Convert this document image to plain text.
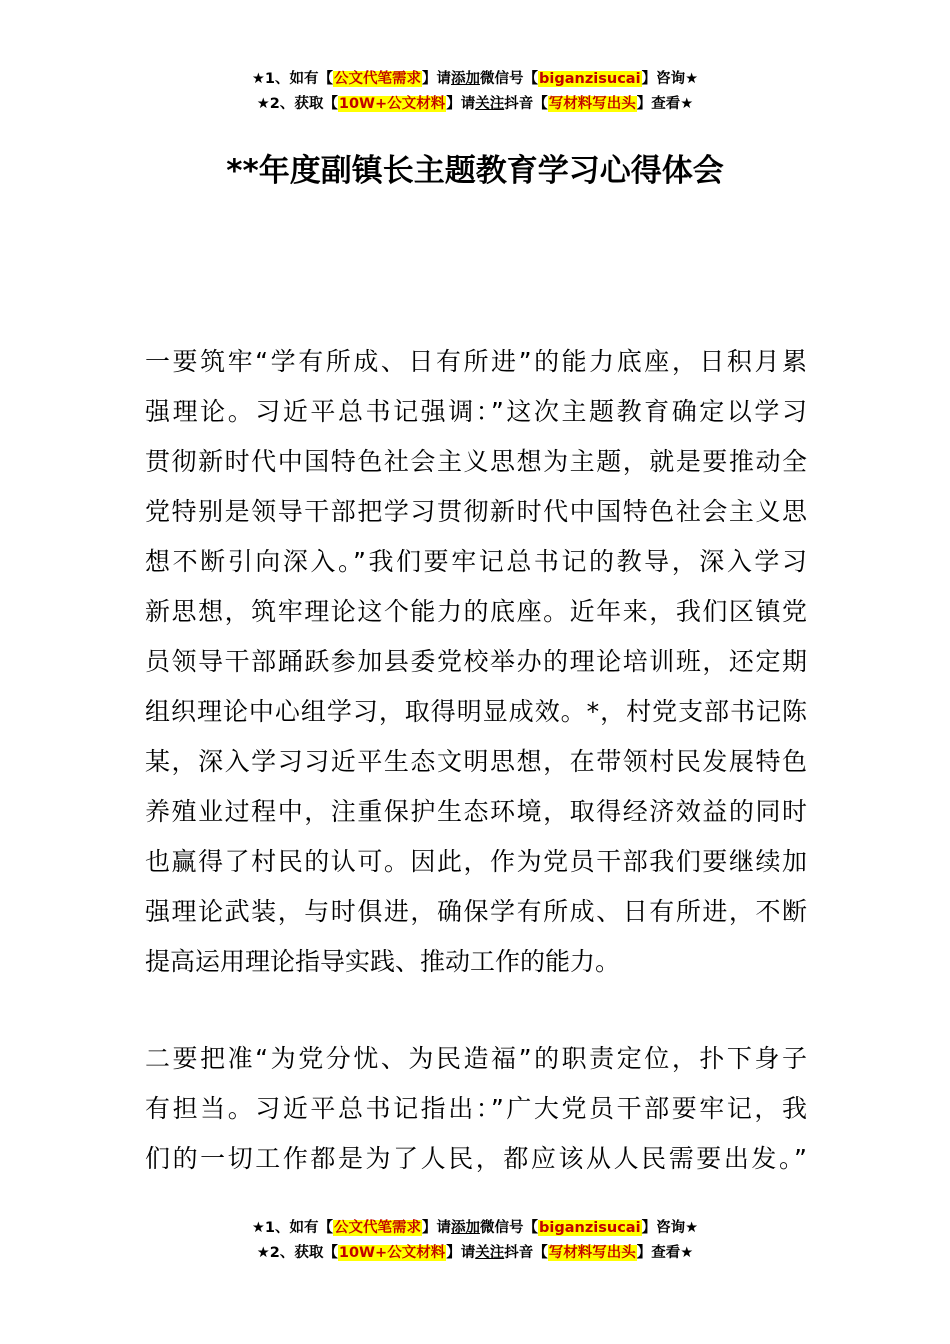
★1、如有【公文代笔需求】请添加微信号【biganzisucai】咨询★
★2、获取【10W+公文材料】请关注抖音【写材料写出头】查看★
**年度副镇长主题教育学习心得体会
一要筑牢“学有所成、日有所进”的能力底座，日积月累
强理论。习近平总书记强调：”这次主题教育确定以学习
贯彻新时代中国特色社会主义思想为主题，就是要推动全
党特别是领导干部把学习贯彻新时代中国特色社会主义思
想不断引向深入。”我们要牢记总书记的教导，深入学习
新思想，筑牢理论这个能力的底座。近年来，我们区镇党
员领导干部踊跃参加县委党校举办的理论培训班，还定期
组织理论中心组学习，取得明显成效。*，村党支部书记陈
某，深入学习习近平生态文明思想，在带领村民发展特色
养殖业过程中，注重保护生态环境，取得经济效益的同时
也赢得了村民的认可。因此，作为党员干部我们要继续加
强理论武装，与时俱进，确保学有所成、日有所进，不断
提高运用理论指导实践、推动工作的能力。
二要把准“为党分忧、为民造福”的职责定位，扑下身子
有担当。习近平总书记指出：”广大党员干部要牢记，我
们的一切工作都是为了人民，都应该从人民需要出发。”
★1、如有【公文代笔需求】请添加微信号【biganzisucai】咨询★
★2、获取【10W+公文材料】请关注抖音【写材料写出头】查看★
